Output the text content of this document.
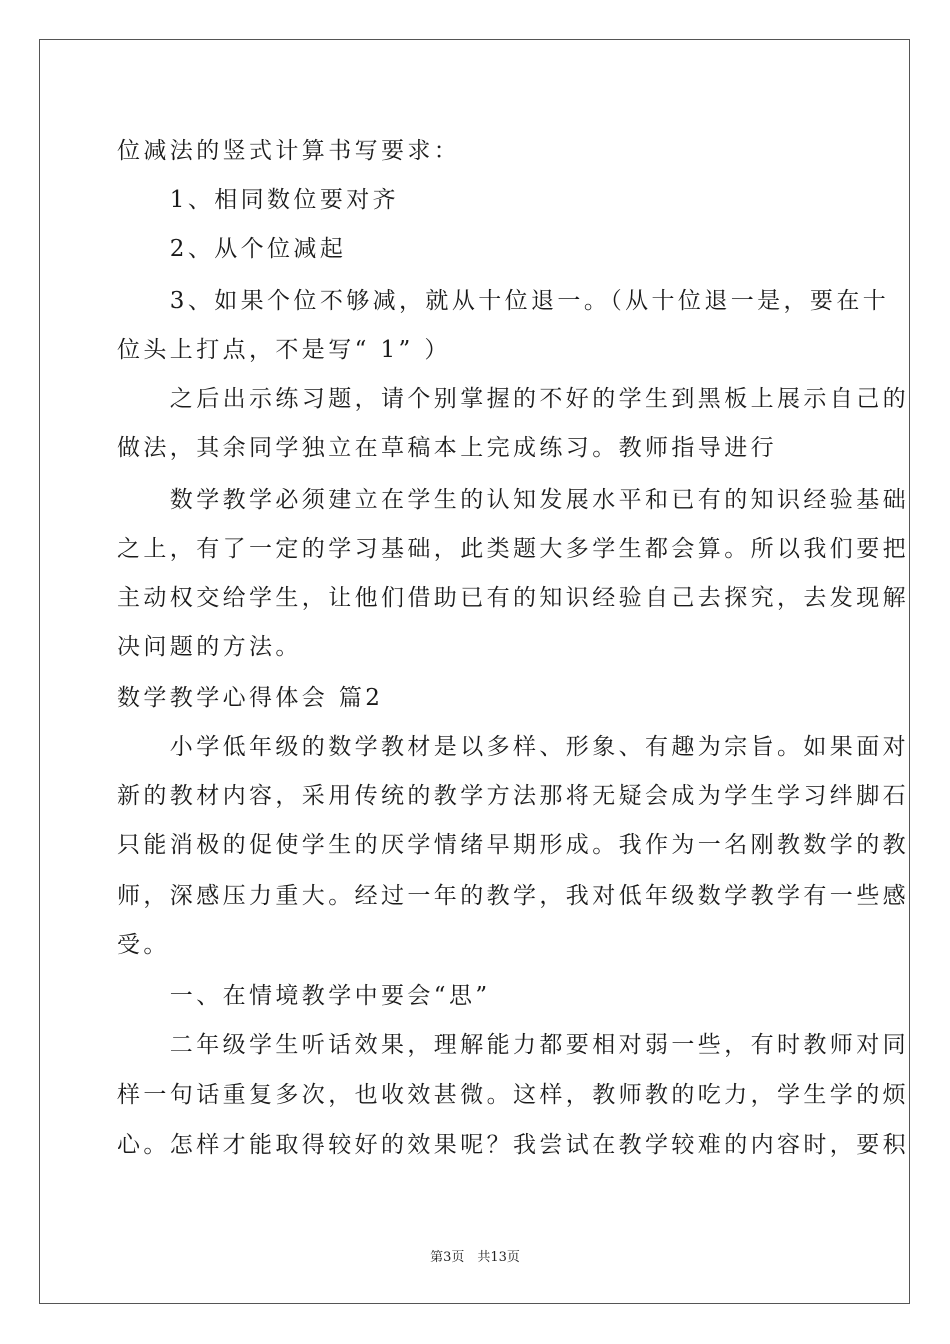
位减法的竖式计算书写要求：
　　1、相同数位要对齐
　　2、从个位减起
　　3、如果个位不够减，就从十位退一。（从十位退一是，要在十
位头上打点，不是写“ 1” ）
　　之后出示练习题，请个别掌握的不好的学生到黑板上展示自己的
做法，其余同学独立在草稿本上完成练习。教师指导进行
　　数学教学必须建立在学生的认知发展水平和已有的知识经验基础
之上，有了一定的学习基础，此类题大多学生都会算。所以我们要把
主动权交给学生，让他们借助已有的知识经验自己去探究，去发现解
决问题的方法。
数学教学心得体会 篇2
　　小学低年级的数学教材是以多样、形象、有趣为宗旨。如果面对
新的教材内容，采用传统的教学方法那将无疑会成为学生学习绊脚石
只能消极的促使学生的厌学情绪早期形成。我作为一名刚教数学的教
师，深感压力重大。经过一年的教学，我对低年级数学教学有一些感
受。
　　一、在情境教学中要会“思”
　　二年级学生听话效果，理解能力都要相对弱一些，有时教师对同
样一句话重复多次，也收效甚微。这样，教师教的吃力，学生学的烦
心。怎样才能取得较好的效果呢？我尝试在教学较难的内容时，要积
第3页　共13页
